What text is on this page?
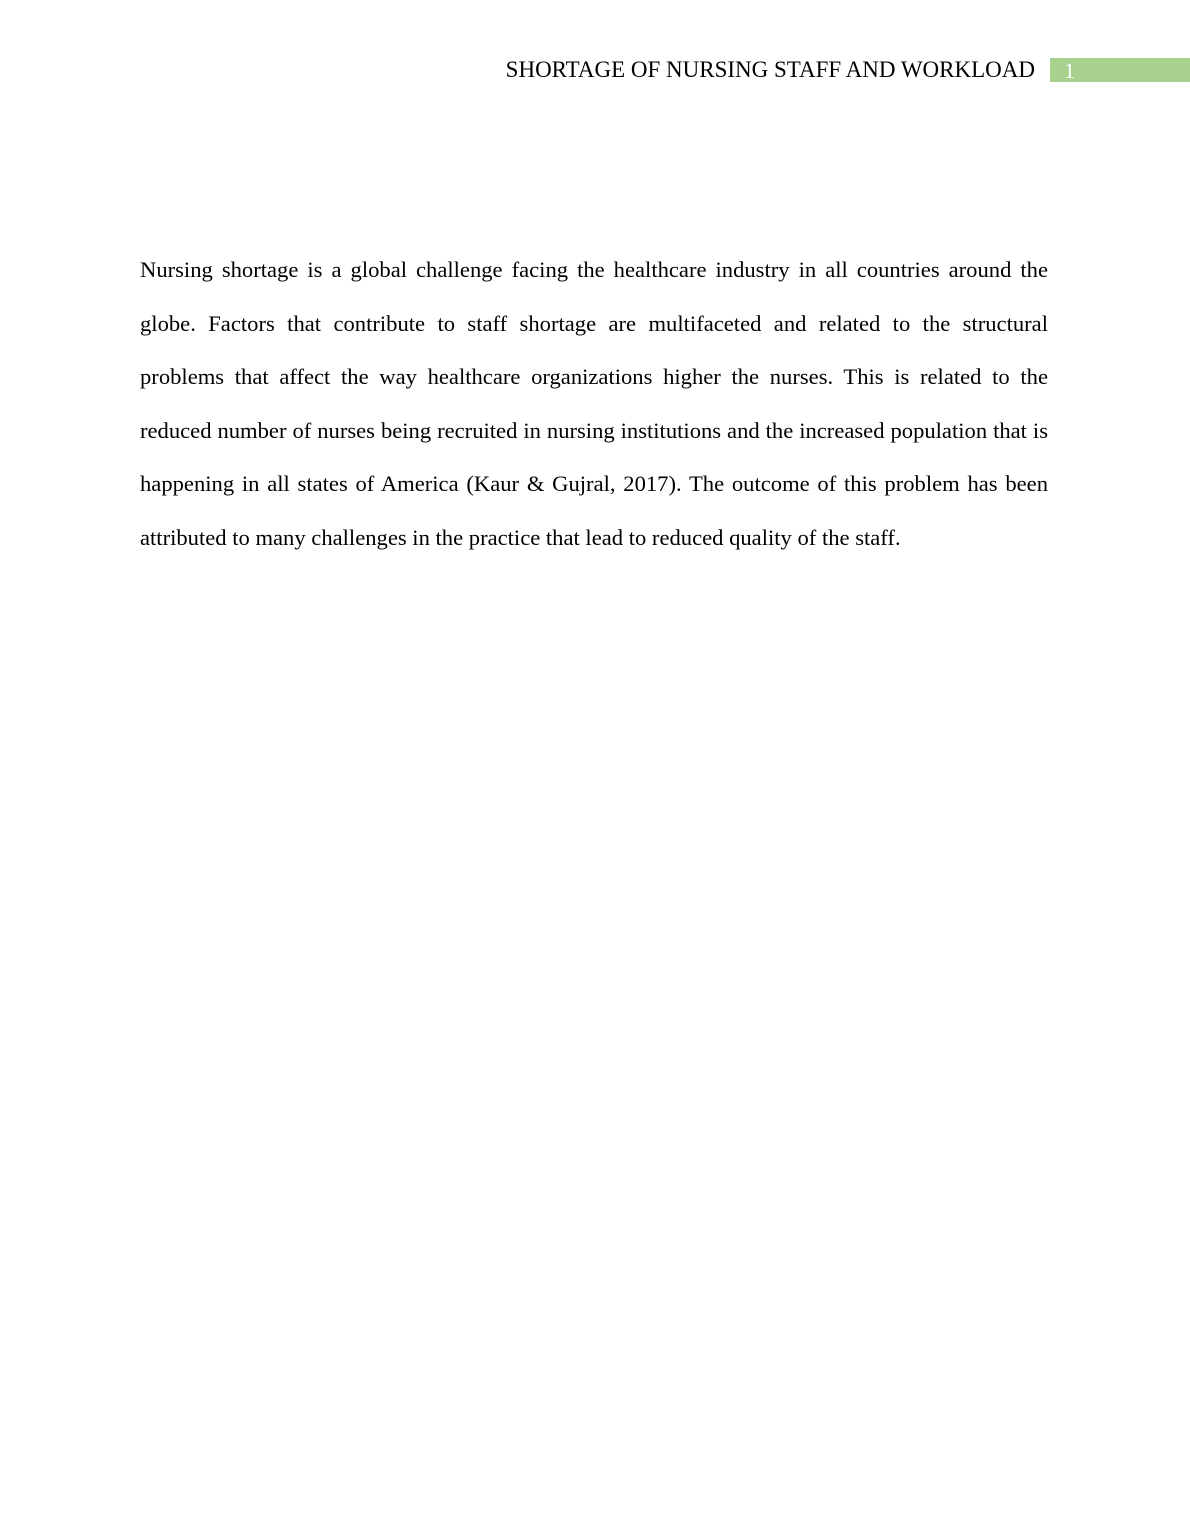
SHORTAGE OF NURSING STAFF AND WORKLOAD 1

Nursing shortage is a global challenge facing the healthcare industry in all countries around the globe. Factors that contribute to staff shortage are multifaceted and related to the structural problems that affect the way healthcare organizations higher the nurses. This is related to the reduced number of nurses being recruited in nursing institutions and the increased population that is happening in all states of America (Kaur & Gujral, 2017). The outcome of this problem has been attributed to many challenges in the practice that lead to reduced quality of the staff.
